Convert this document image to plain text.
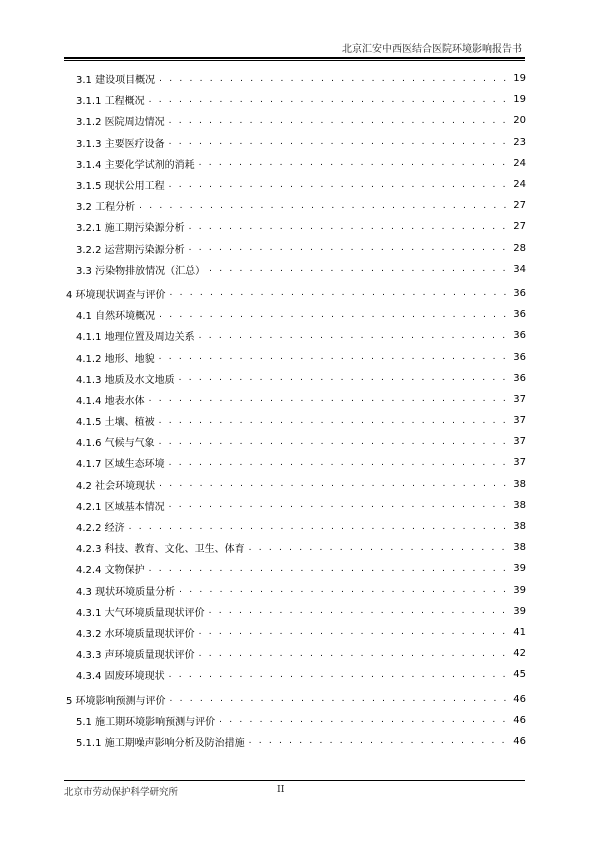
北京汇安中西医结合医院环境影响报告书
3.1 建设项目概况 . . .	19
3.1.1 工程概况 . . .	19
3.1.2 医院周边情况 . . .	20
3.1.3 主要医疗设备 . . .	23
3.1.4 主要化学试剂的消耗 . . .	24
3.1.5 现状公用工程 . . .	24
3.2 工程分析 . . .	27
3.2.1 施工期污染源分析 . . .	27
3.2.2 运营期污染源分析 . . .	28
3.3 污染物排放情况（汇总） . . .	34
4 环境现状调查与评价 . . .	36
4.1 自然环境概况 . . .	36
4.1.1 地理位置及周边关系 . . .	36
4.1.2 地形、地貌 . . .	36
4.1.3 地质及水文地质 . . .	36
4.1.4 地表水体 . . .	37
4.1.5 土壤、植被 . . .	37
4.1.6 气候与气象 . . .	37
4.1.7 区域生态环境 . . .	37
4.2 社会环境现状 . . .	38
4.2.1 区域基本情况 . . .	38
4.2.2 经济 . . .	38
4.2.3 科技、教育、文化、卫生、体育 . . .	38
4.2.4 文物保护 . . .	39
4.3 现状环境质量分析 . . .	39
4.3.1 大气环境质量现状评价 . . .	39
4.3.2 水环境质量现状评价 . . .	41
4.3.3 声环境质量现状评价 . . .	42
4.3.4 固废环境现状 . . .	45
5 环境影响预测与评价 . . .	46
5.1 施工期环境影响预测与评价 . . .	46
5.1.1 施工期噪声影响分析及防治措施 . . .	46
北京市劳动保护科学研究所	II
